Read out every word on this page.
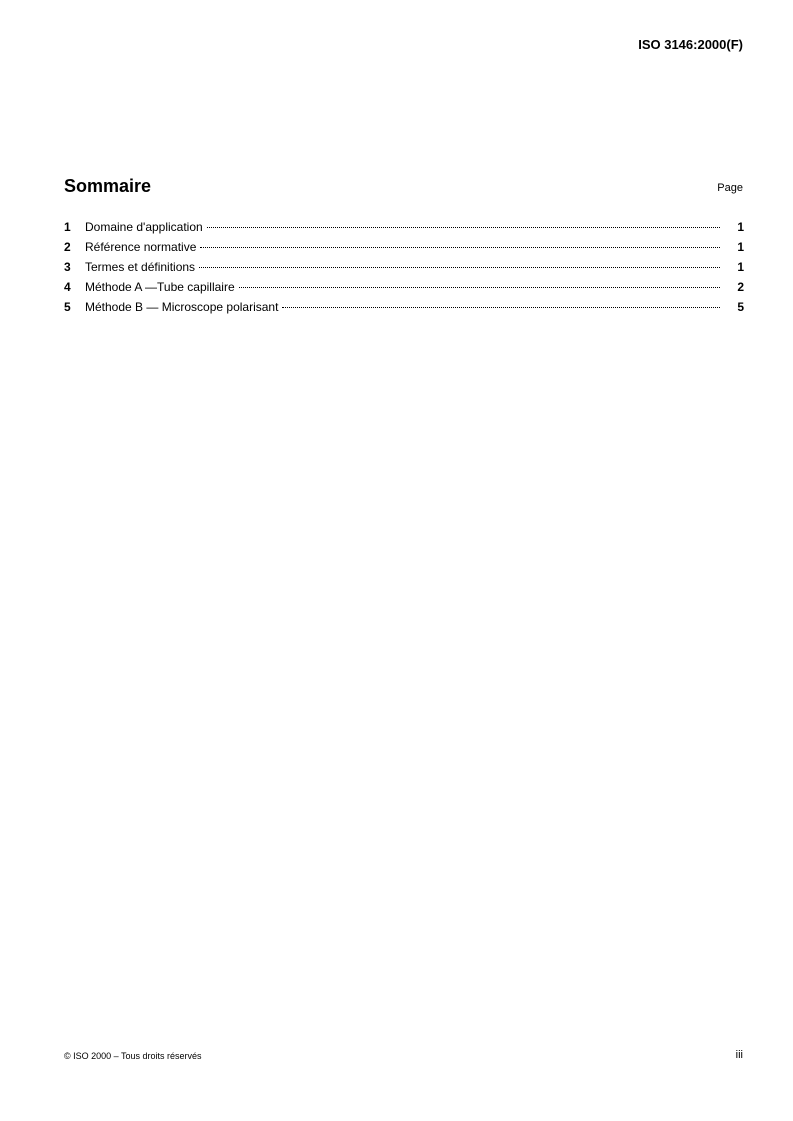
ISO 3146:2000(F)
Sommaire	Page
1	Domaine d'application	1
2	Référence normative	1
3	Termes et définitions	1
4	Méthode A —Tube capillaire	2
5	Méthode B — Microscope polarisant	5
© ISO 2000 – Tous droits réservés	iii
